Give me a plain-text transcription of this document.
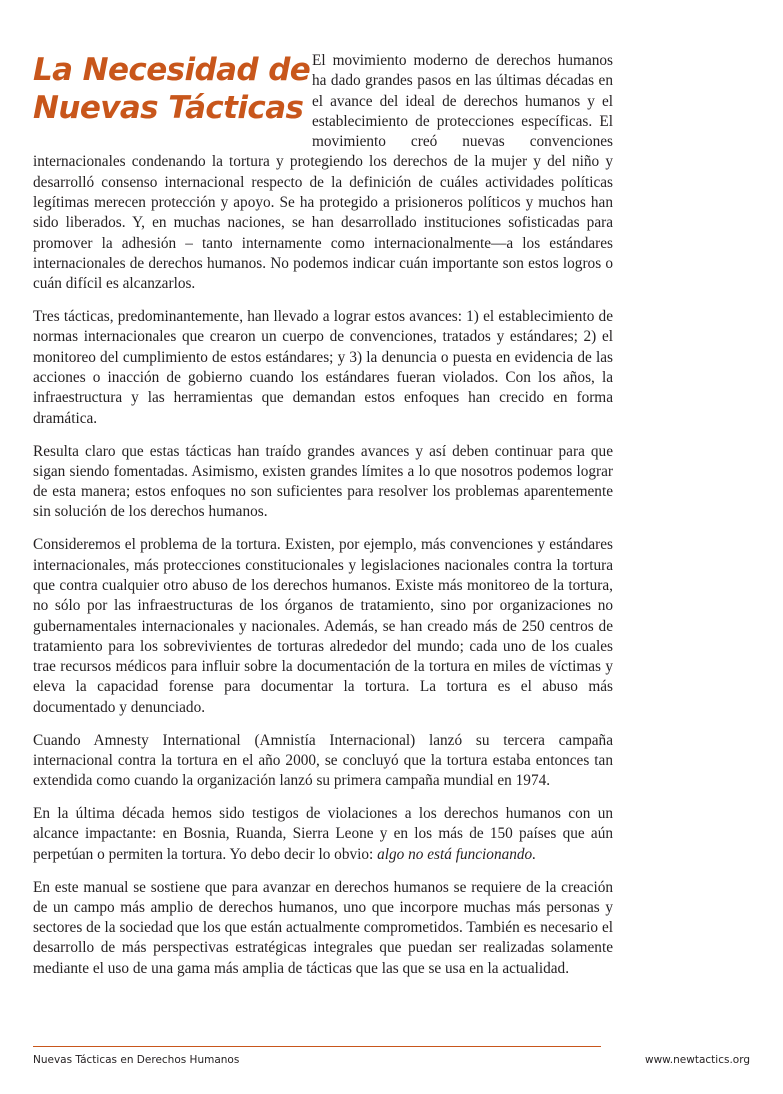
La Necesidad de
Nuevas Tácticas

El movimiento moderno de derechos humanos ha dado grandes pasos en las últimas décadas en el avance del ideal de derechos humanos y el establecimiento de protecciones específicas. El movimiento creó nuevas convenciones internacionales condenando la tortura y protegiendo los derechos de la mujer y del niño y desarrolló consenso internacional respecto de la definición de cuáles actividades políticas legítimas merecen protección y apoyo. Se ha protegido a prisioneros políticos y muchos han sido liberados. Y, en muchas naciones, se han desarrollado instituciones sofisticadas para promover la adhesión – tanto internamente como internacionalmente—a los estándares internacionales de derechos humanos. No podemos indicar cuán importante son estos logros o cuán difícil es alcanzarlos.

Tres tácticas, predominantemente, han llevado a lograr estos avances: 1) el establecimiento de normas internacionales que crearon un cuerpo de convenciones, tratados y estándares; 2) el monitoreo del cumplimiento de estos estándares; y 3) la denuncia o puesta en evidencia de las acciones o inacción de gobierno cuando los estándares fueran violados. Con los años, la infraestructura y las herramientas que demandan estos enfoques han crecido en forma dramática.

Resulta claro que estas tácticas han traído grandes avances y así deben continuar para que sigan siendo fomentadas. Asimismo, existen grandes límites a lo que nosotros podemos lograr de esta manera; estos enfoques no son suficientes para resolver los problemas aparentemente sin solución de los derechos humanos.

Consideremos el problema de la tortura. Existen, por ejemplo, más convenciones y estándares internacionales, más protecciones constitucionales y legislaciones nacionales contra la tortura que contra cualquier otro abuso de los derechos humanos. Existe más monitoreo de la tortura, no sólo por las infraestructuras de los órganos de tratamiento, sino por organizaciones no gubernamentales internacionales y nacionales. Además, se han creado más de 250 centros de tratamiento para los sobrevivientes de torturas alrededor del mundo; cada uno de los cuales trae recursos médicos para influir sobre la documentación de la tortura en miles de víctimas y eleva la capacidad forense para documentar la tortura. La tortura es el abuso más documentado y denunciado.

Cuando Amnesty International (Amnistía Internacional) lanzó su tercera campaña internacional contra la tortura en el año 2000, se concluyó que la tortura estaba entonces tan extendida como cuando la organización lanzó su primera campaña mundial en 1974.

En la última década hemos sido testigos de violaciones a los derechos humanos con un alcance impactante: en Bosnia, Ruanda, Sierra Leone y en los más de 150 países que aún perpetúan o permiten la tortura. Yo debo decir lo obvio: algo no está funcionando.

En este manual se sostiene que para avanzar en derechos humanos se requiere de la creación de un campo más amplio de derechos humanos, uno que incorpore muchas más personas y sectores de la sociedad que los que están actualmente comprometidos. También es necesario el desarrollo de más perspectivas estratégicas integrales que puedan ser realizadas solamente mediante el uso de una gama más amplia de tácticas que las que se usa en la actualidad.

Nuevas Tácticas en Derechos Humanos	www.newtactics.org
